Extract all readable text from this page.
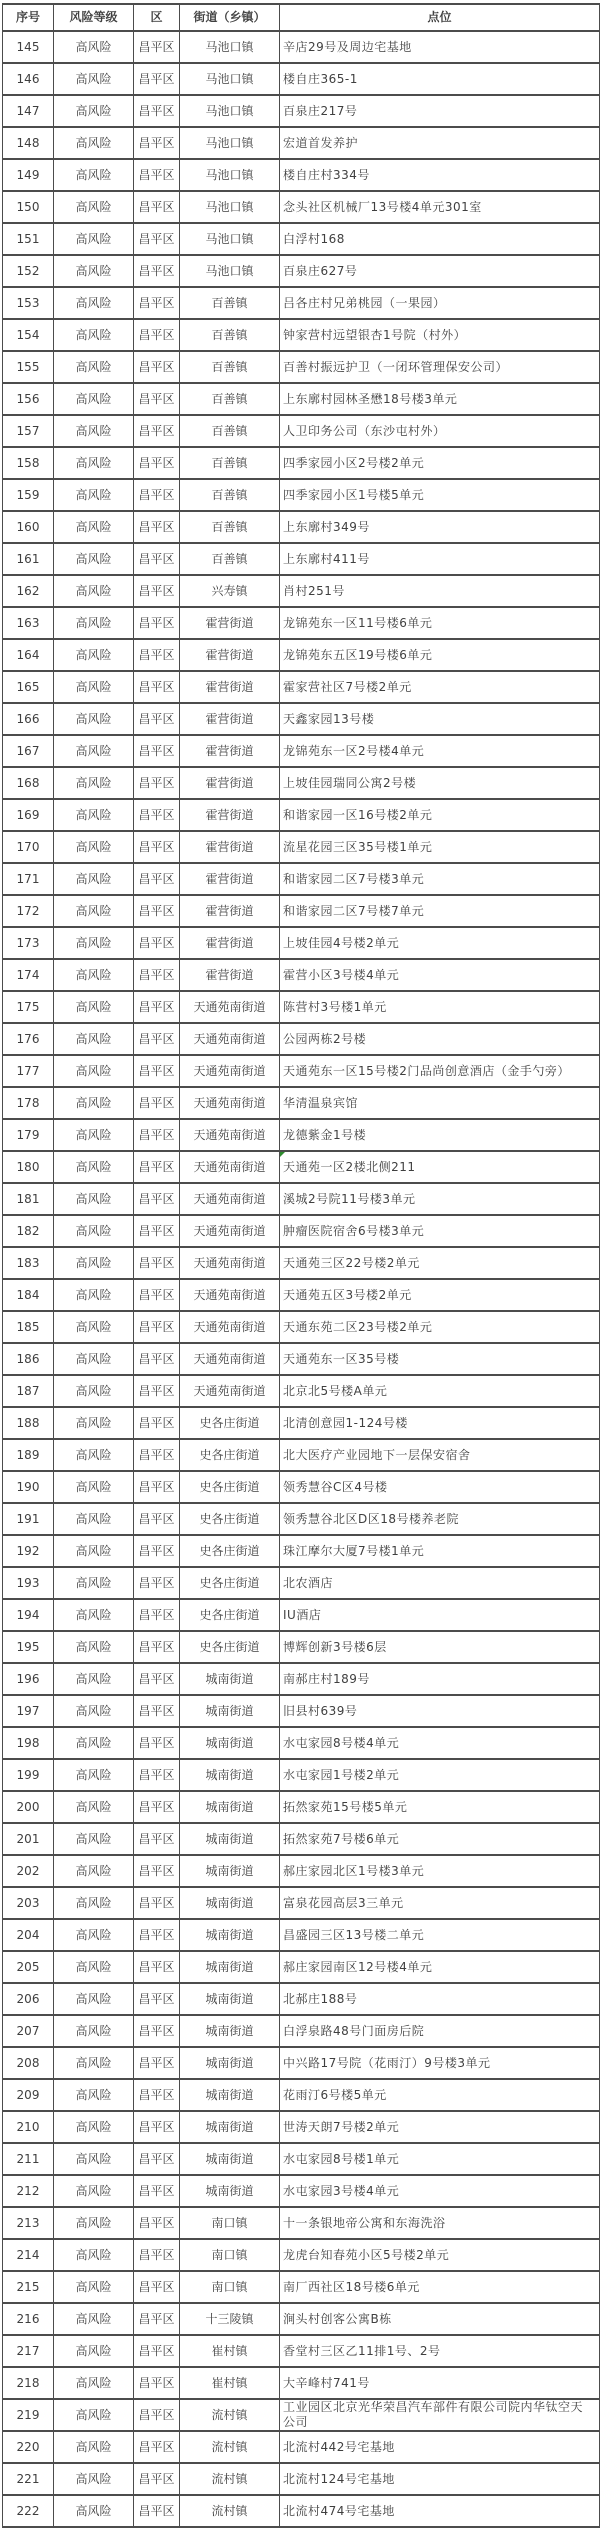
序号	风险等级	区	街道（乡镇）	点位
145	高风险	昌平区	马池口镇	辛店29号及周边宅基地
146	高风险	昌平区	马池口镇	楼自庄365-1
147	高风险	昌平区	马池口镇	百泉庄217号
148	高风险	昌平区	马池口镇	宏道首发养护
149	高风险	昌平区	马池口镇	楼自庄村334号
150	高风险	昌平区	马池口镇	念头社区机械厂13号楼4单元301室
151	高风险	昌平区	马池口镇	白浮村168
152	高风险	昌平区	马池口镇	百泉庄627号
153	高风险	昌平区	百善镇	吕各庄村兄弟桃园（一果园）
154	高风险	昌平区	百善镇	钟家营村远望银杏1号院（村外）
155	高风险	昌平区	百善镇	百善村振远护卫（一闭环管理保安公司）
156	高风险	昌平区	百善镇	上东廓村园林圣懋18号楼3单元
157	高风险	昌平区	百善镇	人卫印务公司（东沙屯村外）
158	高风险	昌平区	百善镇	四季家园小区2号楼2单元
159	高风险	昌平区	百善镇	四季家园小区1号楼5单元
160	高风险	昌平区	百善镇	上东廓村349号
161	高风险	昌平区	百善镇	上东廓村411号
162	高风险	昌平区	兴寿镇	肖村251号
163	高风险	昌平区	霍营街道	龙锦苑东一区11号楼6单元
164	高风险	昌平区	霍营街道	龙锦苑东五区19号楼6单元
165	高风险	昌平区	霍营街道	霍家营社区7号楼2单元
166	高风险	昌平区	霍营街道	天鑫家园13号楼
167	高风险	昌平区	霍营街道	龙锦苑东一区2号楼4单元
168	高风险	昌平区	霍营街道	上坡佳园瑞同公寓2号楼
169	高风险	昌平区	霍营街道	和谐家园一区16号楼2单元
170	高风险	昌平区	霍营街道	流星花园三区35号楼1单元
171	高风险	昌平区	霍营街道	和谐家园二区7号楼3单元
172	高风险	昌平区	霍营街道	和谐家园二区7号楼7单元
173	高风险	昌平区	霍营街道	上坡佳园4号楼2单元
174	高风险	昌平区	霍营街道	霍营小区3号楼4单元
175	高风险	昌平区	天通苑南街道	陈营村3号楼1单元
176	高风险	昌平区	天通苑南街道	公园两栋2号楼
177	高风险	昌平区	天通苑南街道	天通苑东一区15号楼2门品尚创意酒店（金手勺旁）
178	高风险	昌平区	天通苑南街道	华清温泉宾馆
179	高风险	昌平区	天通苑南街道	龙德紫金1号楼
180	高风险	昌平区	天通苑南街道	天通苑一区2楼北侧211

181	高风险	昌平区	天通苑南街道	溪城2号院11号楼3单元
182	高风险	昌平区	天通苑南街道	肿瘤医院宿舍6号楼3单元
183	高风险	昌平区	天通苑南街道	天通苑三区22号楼2单元
184	高风险	昌平区	天通苑南街道	天通苑五区3号楼2单元
185	高风险	昌平区	天通苑南街道	天通东苑二区23号楼2单元
186	高风险	昌平区	天通苑南街道	天通苑东一区35号楼
187	高风险	昌平区	天通苑南街道	北京北5号楼A单元
188	高风险	昌平区	史各庄街道	北清创意园1-124号楼
189	高风险	昌平区	史各庄街道	北大医疗产业园地下一层保安宿舍
190	高风险	昌平区	史各庄街道	领秀慧谷C区4号楼
191	高风险	昌平区	史各庄街道	领秀慧谷北区D区18号楼养老院
192	高风险	昌平区	史各庄街道	珠江摩尔大厦7号楼1单元
193	高风险	昌平区	史各庄街道	北农酒店
194	高风险	昌平区	史各庄街道	IU酒店
195	高风险	昌平区	史各庄街道	博辉创新3号楼6层
196	高风险	昌平区	城南街道	南郝庄村189号
197	高风险	昌平区	城南街道	旧县村639号
198	高风险	昌平区	城南街道	水屯家园8号楼4单元
199	高风险	昌平区	城南街道	水屯家园1号楼2单元
200	高风险	昌平区	城南街道	拓然家苑15号楼5单元
201	高风险	昌平区	城南街道	拓然家苑7号楼6单元
202	高风险	昌平区	城南街道	郝庄家园北区1号楼3单元
203	高风险	昌平区	城南街道	富泉花园高层3三单元
204	高风险	昌平区	城南街道	昌盛园三区13号楼二单元
205	高风险	昌平区	城南街道	郝庄家园南区12号楼4单元
206	高风险	昌平区	城南街道	北郝庄188号
207	高风险	昌平区	城南街道	白浮泉路48号门面房后院
208	高风险	昌平区	城南街道	中兴路17号院（花雨汀）9号楼3单元
209	高风险	昌平区	城南街道	花雨汀6号楼5单元
210	高风险	昌平区	城南街道	世涛天朗7号楼2单元
211	高风险	昌平区	城南街道	水屯家园8号楼1单元
212	高风险	昌平区	城南街道	水屯家园3号楼4单元
213	高风险	昌平区	南口镇	十一条银地帝公寓和东海洗浴
214	高风险	昌平区	南口镇	龙虎台知春苑小区5号楼2单元
215	高风险	昌平区	南口镇	南厂西社区18号楼6单元
216	高风险	昌平区	十三陵镇	涧头村创客公寓B栋
217	高风险	昌平区	崔村镇	香堂村三区乙11排1号、2号
218	高风险	昌平区	崔村镇	大辛峰村741号
219	高风险	昌平区	流村镇	工业园区北京光华荣昌汽车部件有限公司院内华钛空天公司
220	高风险	昌平区	流村镇	北流村442号宅基地
221	高风险	昌平区	流村镇	北流村124号宅基地
222	高风险	昌平区	流村镇	北流村474号宅基地
